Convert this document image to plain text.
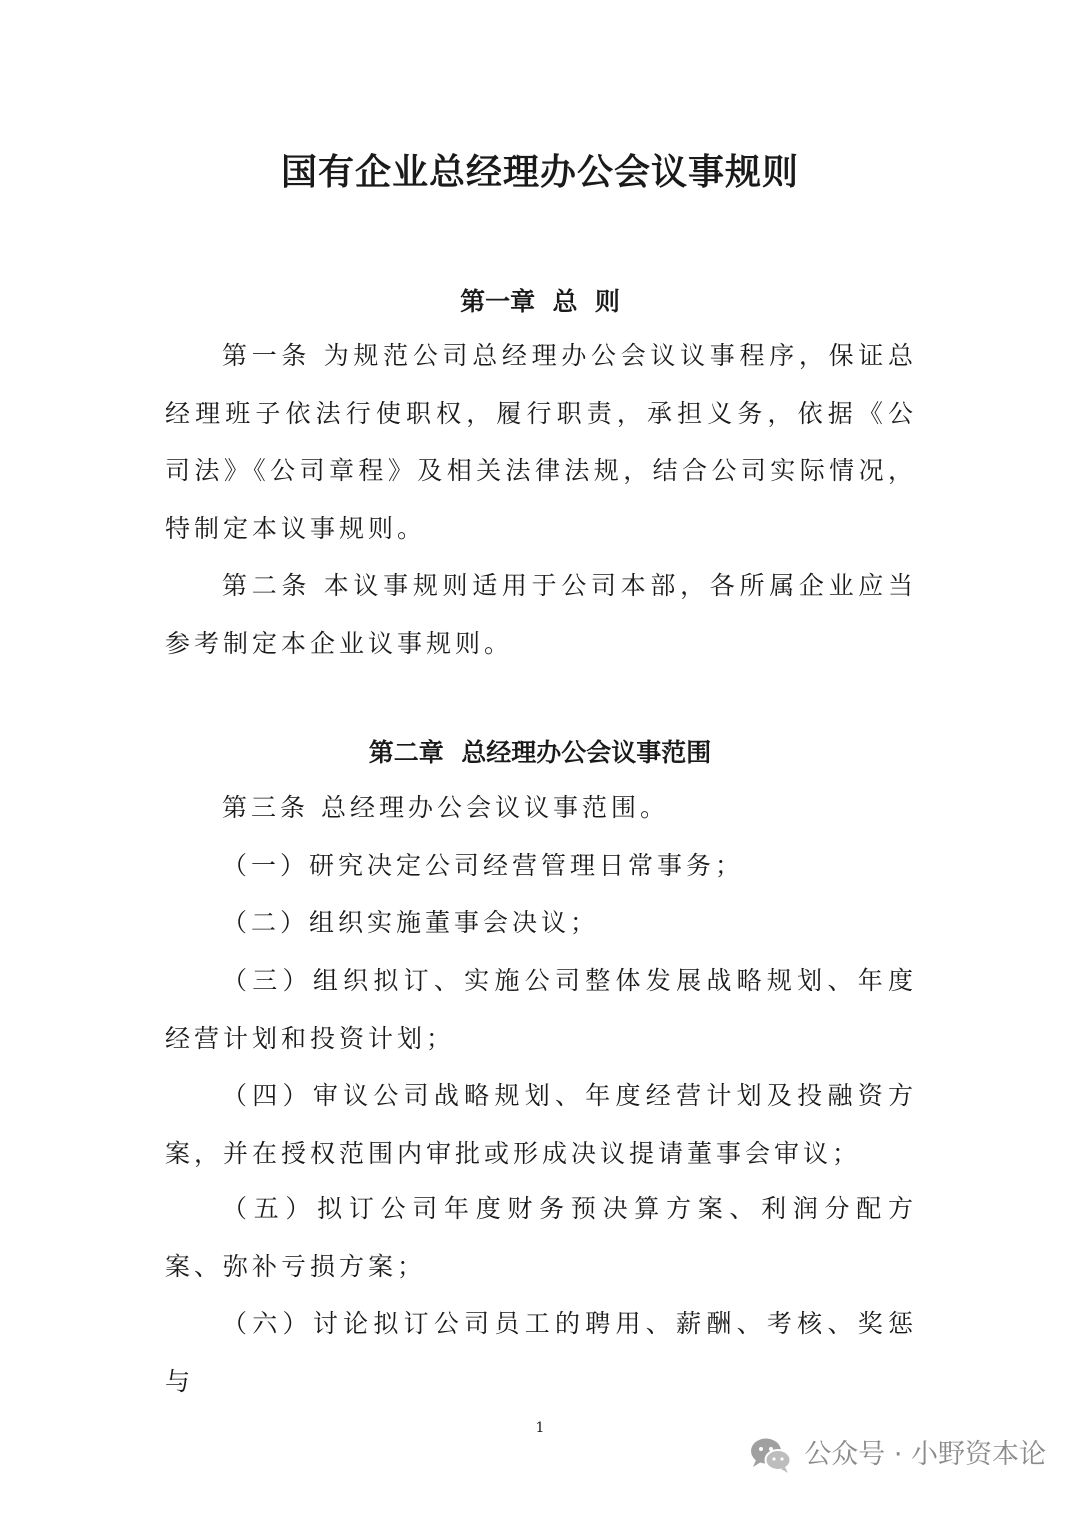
国有企业总经理办公会议事规则
第一章  总  则

第一条 为规范公司总经理办公会议议事程序，保证总经理班子依法行使职权，履行职责，承担义务，依据《公司法》《公司章程》及相关法律法规，结合公司实际情况，特制定本议事规则。

第二条 本议事规则适用于公司本部，各所属企业应当参考制定本企业议事规则。

第二章  总经理办公会议事范围

第三条 总经理办公会议议事范围。

（一）研究决定公司经营管理日常事务；

（二）组织实施董事会决议；

（三）组织拟订、实施公司整体发展战略规划、年度经营计划和投资计划；

（四）审议公司战略规划、年度经营计划及投融资方案，并在授权范围内审批或形成决议提请董事会审议；

（五）拟订公司年度财务预决算方案、利润分配方案、弥补亏损方案；

（六）讨论拟订公司员工的聘用、薪酬、考核、奖惩与

1
公众号 · 小野资本论
